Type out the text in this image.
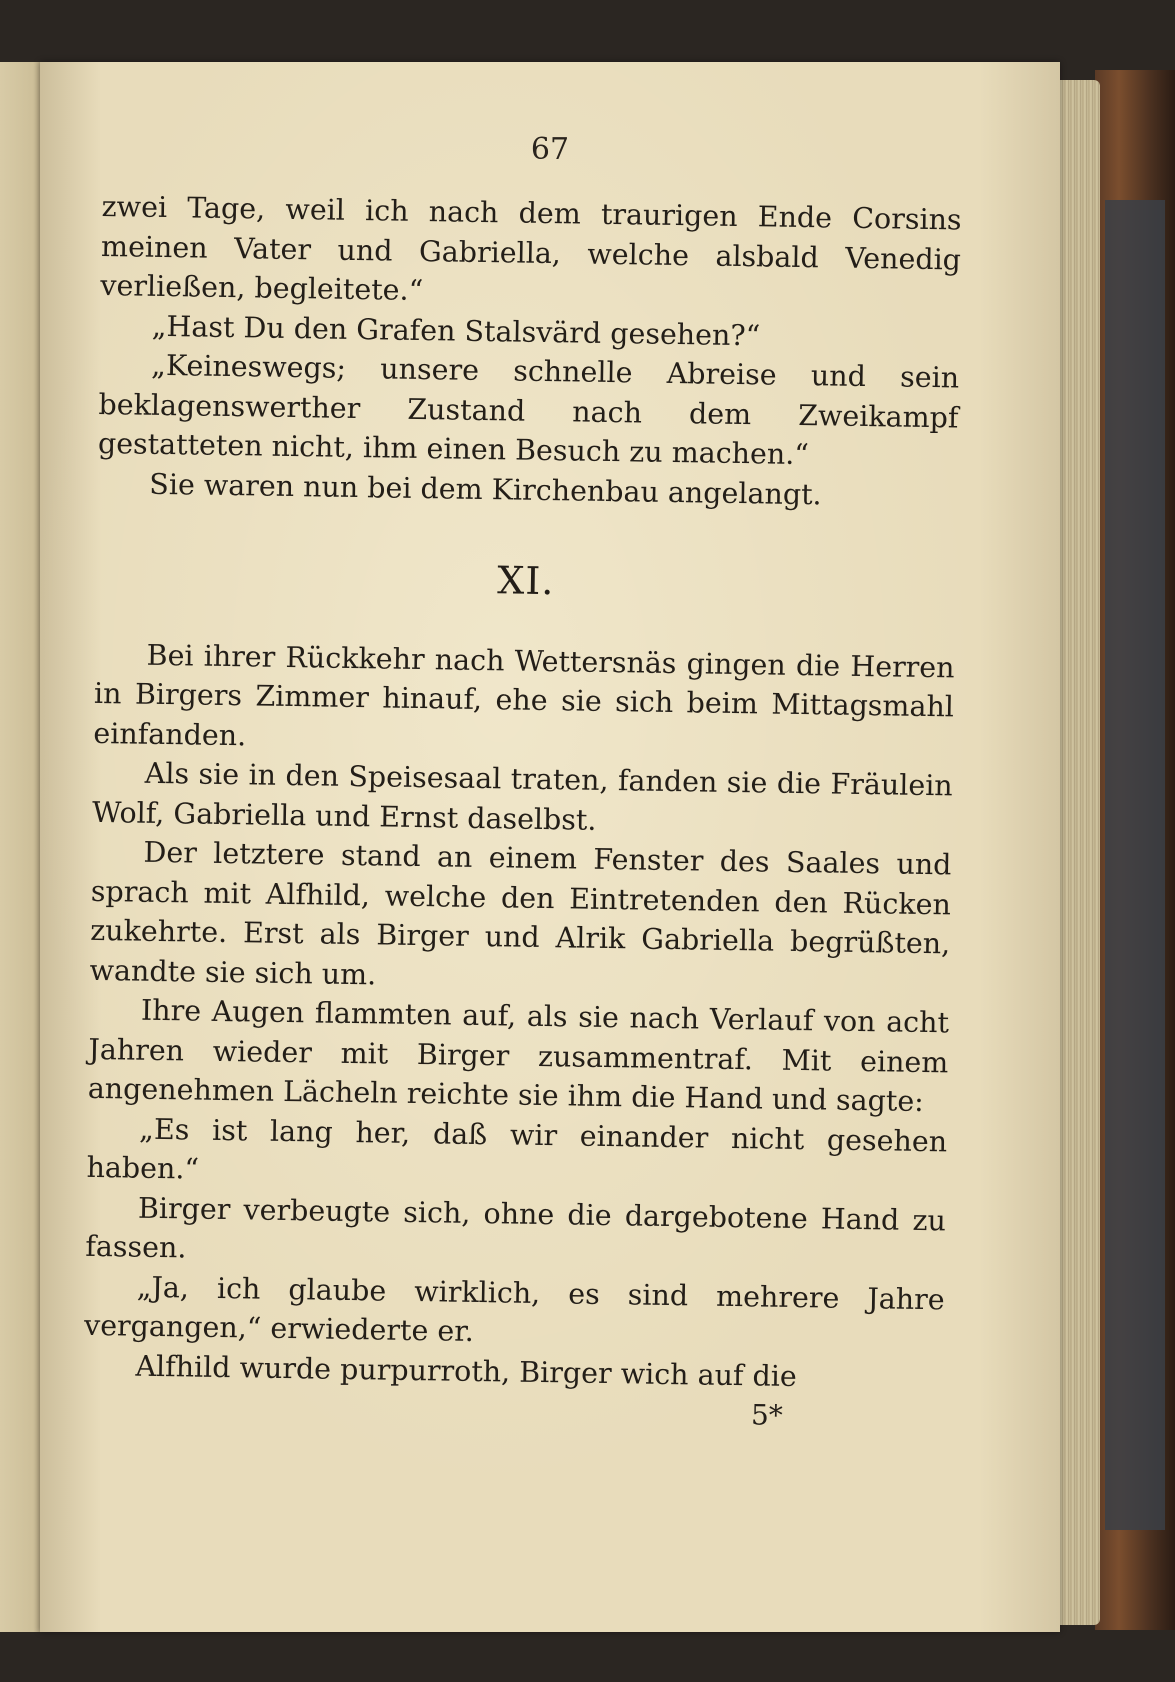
67

zwei Tage, weil ich nach dem traurigen Ende Corsins meinen Vater und Gabriella, welche alsbald Venedig verließen, begleitete.“

„Hast Du den Grafen Stalsvärd gesehen?“

„Keineswegs; unsere schnelle Abreise und sein beklagenswerther Zustand nach dem Zweikampf gestatteten nicht, ihm einen Besuch zu machen.“

Sie waren nun bei dem Kirchenbau angelangt.

XI.

Bei ihrer Rückkehr nach Wettersnäs gingen die Herren in Birgers Zimmer hinauf, ehe sie sich beim Mittagsmahl einfanden.

Als sie in den Speisesaal traten, fanden sie die Fräulein Wolf, Gabriella und Ernst daselbst.

Der letztere stand an einem Fenster des Saales und sprach mit Alfhild, welche den Eintretenden den Rücken zukehrte. Erst als Birger und Alrik Gabriella begrüßten, wandte sie sich um.

Ihre Augen flammten auf, als sie nach Verlauf von acht Jahren wieder mit Birger zusammentraf. Mit einem angenehmen Lächeln reichte sie ihm die Hand und sagte:

„Es ist lang her, daß wir einander nicht gesehen haben.“

Birger verbeugte sich, ohne die dargebotene Hand zu fassen.

„Ja, ich glaube wirklich, es sind mehrere Jahre vergangen,“ erwiederte er.

Alfhild wurde purpurroth, Birger wich auf die

5*
